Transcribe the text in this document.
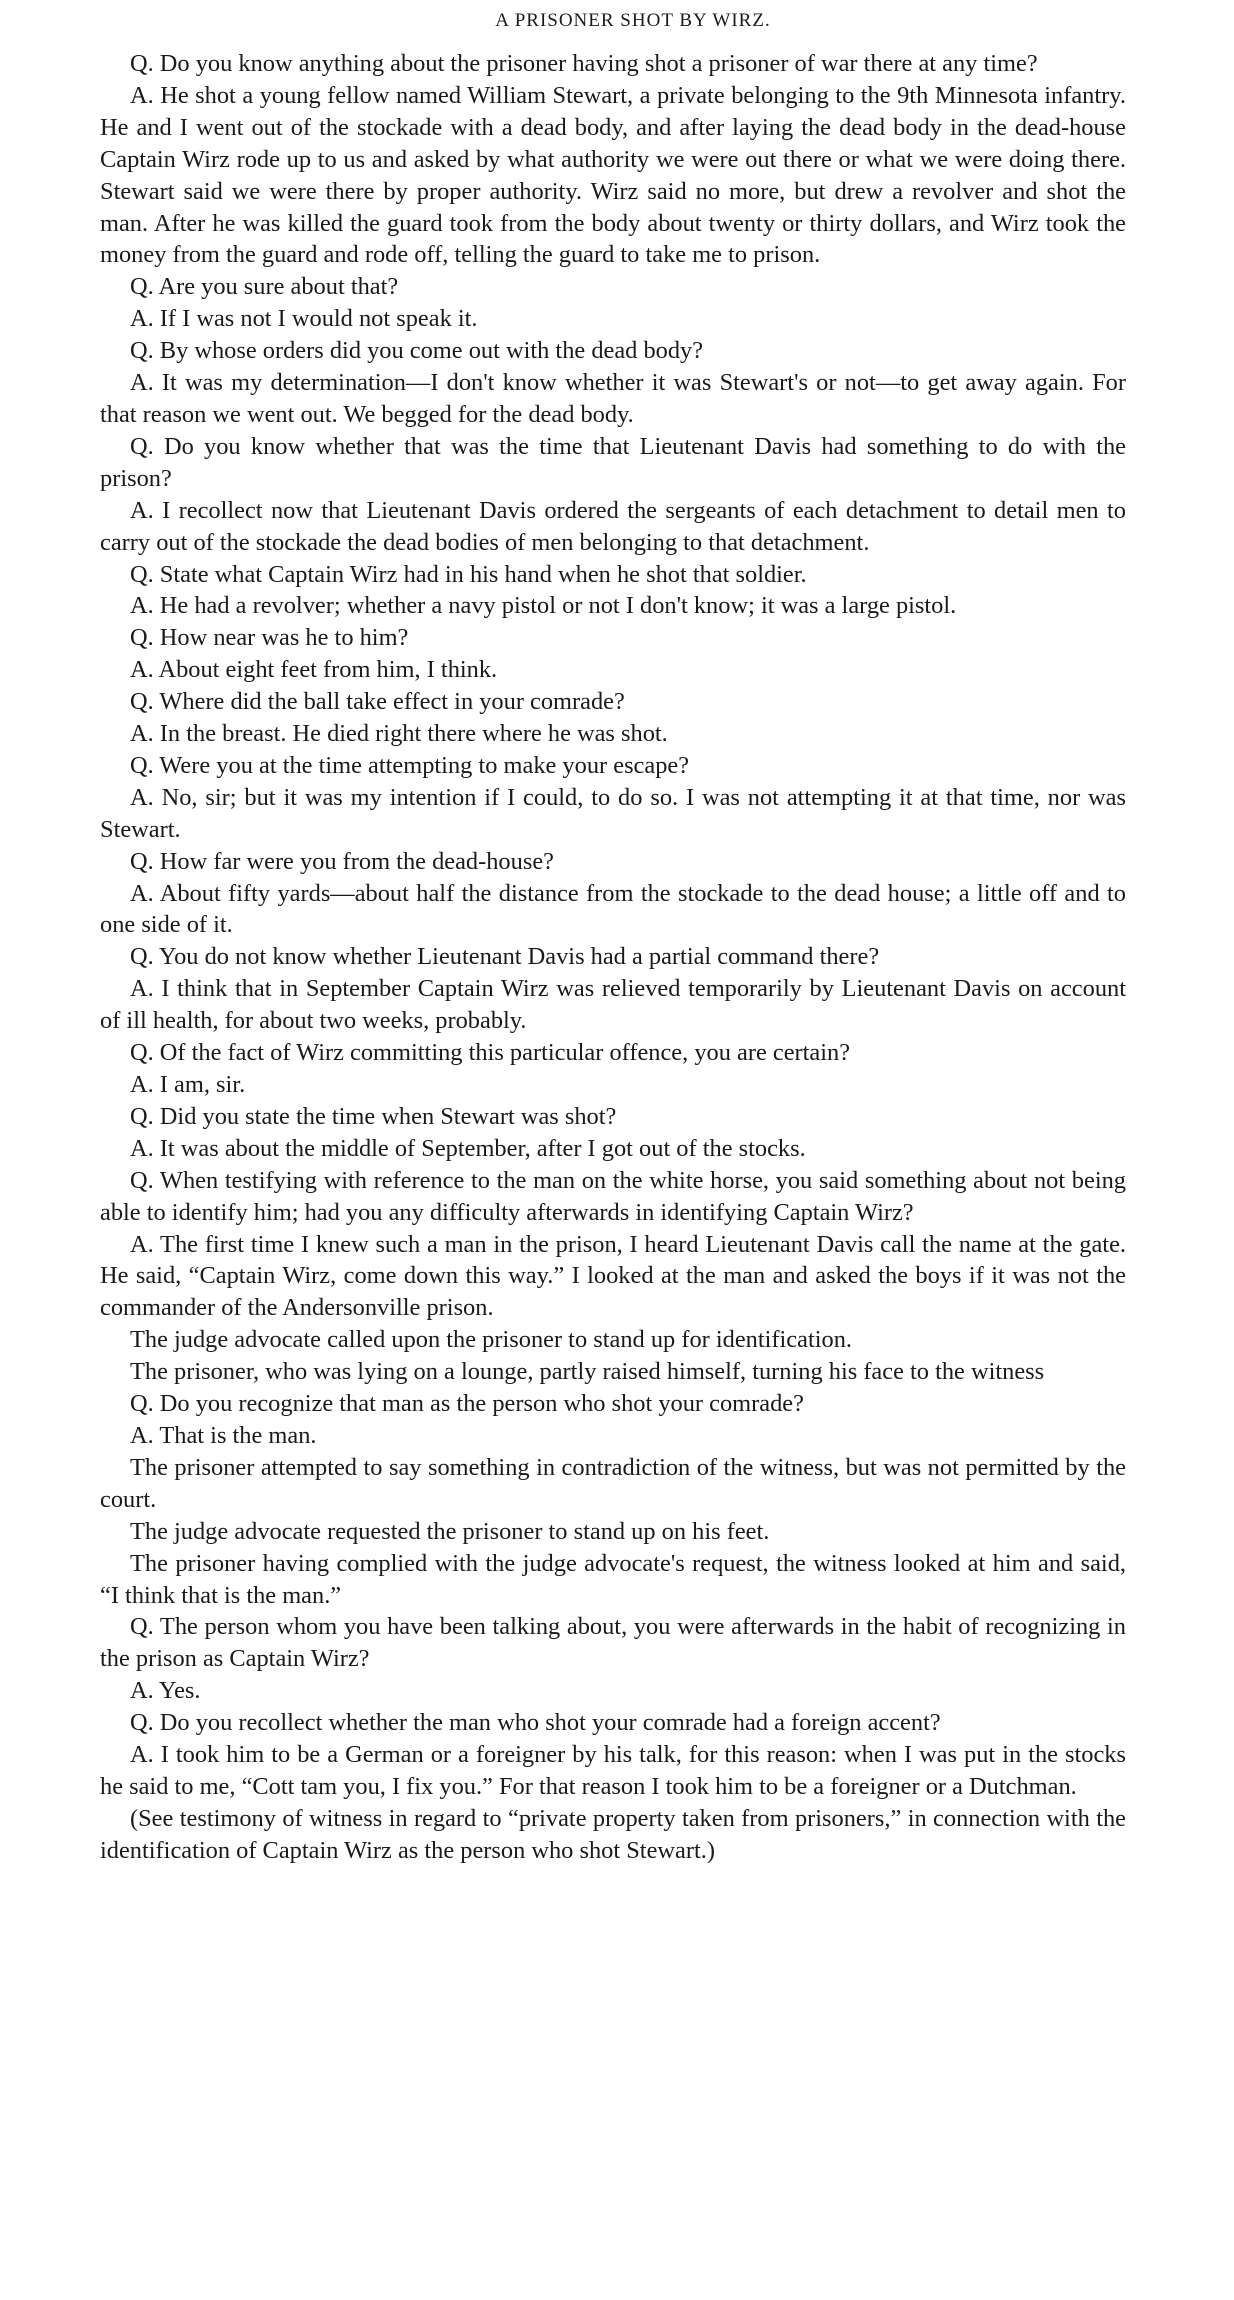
A PRISONER SHOT BY WIRZ.

Q. Do you know anything about the prisoner having shot a prisoner of war there at any time?

A. He shot a young fellow named William Stewart, a private belonging to the 9th Minnesota infantry. He and I went out of the stockade with a dead body, and after laying the dead body in the dead-house Captain Wirz rode up to us and asked by what authority we were out there or what we were doing there. Stewart said we were there by proper authority. Wirz said no more, but drew a revolver and shot the man. After he was killed the guard took from the body about twenty or thirty dollars, and Wirz took the money from the guard and rode off, telling the guard to take me to prison.

Q. Are you sure about that?

A. If I was not I would not speak it.

Q. By whose orders did you come out with the dead body?

A. It was my determination—I don't know whether it was Stewart's or not—to get away again. For that reason we went out. We begged for the dead body.

Q. Do you know whether that was the time that Lieutenant Davis had something to do with the prison?

A. I recollect now that Lieutenant Davis ordered the sergeants of each detachment to detail men to carry out of the stockade the dead bodies of men belonging to that detachment.

Q. State what Captain Wirz had in his hand when he shot that soldier.

A. He had a revolver; whether a navy pistol or not I don't know; it was a large pistol.

Q. How near was he to him?

A. About eight feet from him, I think.

Q. Where did the ball take effect in your comrade?

A. In the breast. He died right there where he was shot.

Q. Were you at the time attempting to make your escape?

A. No, sir; but it was my intention if I could, to do so. I was not attempting it at that time, nor was Stewart.

Q. How far were you from the dead-house?

A. About fifty yards—about half the distance from the stockade to the dead house; a little off and to one side of it.

Q. You do not know whether Lieutenant Davis had a partial command there?

A. I think that in September Captain Wirz was relieved temporarily by Lieutenant Davis on account of ill health, for about two weeks, probably.

Q. Of the fact of Wirz committing this particular offence, you are certain?

A. I am, sir.

Q. Did you state the time when Stewart was shot?

A. It was about the middle of September, after I got out of the stocks.

Q. When testifying with reference to the man on the white horse, you said something about not being able to identify him; had you any difficulty afterwards in identifying Captain Wirz?

A. The first time I knew such a man in the prison, I heard Lieutenant Davis call the name at the gate. He said, “Captain Wirz, come down this way.” I looked at the man and asked the boys if it was not the commander of the Andersonville prison.

The judge advocate called upon the prisoner to stand up for identification.

The prisoner, who was lying on a lounge, partly raised himself, turning his face to the witness

Q. Do you recognize that man as the person who shot your comrade?

A. That is the man.

The prisoner attempted to say something in contradiction of the witness, but was not permitted by the court.

The judge advocate requested the prisoner to stand up on his feet.

The prisoner having complied with the judge advocate's request, the witness looked at him and said, “I think that is the man.”

Q. The person whom you have been talking about, you were afterwards in the habit of recognizing in the prison as Captain Wirz?

A. Yes.

Q. Do you recollect whether the man who shot your comrade had a foreign accent?

A. I took him to be a German or a foreigner by his talk, for this reason: when I was put in the stocks he said to me, “Cott tam you, I fix you.” For that reason I took him to be a foreigner or a Dutchman.

(See testimony of witness in regard to “private property taken from prisoners,” in connection with the identification of Captain Wirz as the person who shot Stewart.)
